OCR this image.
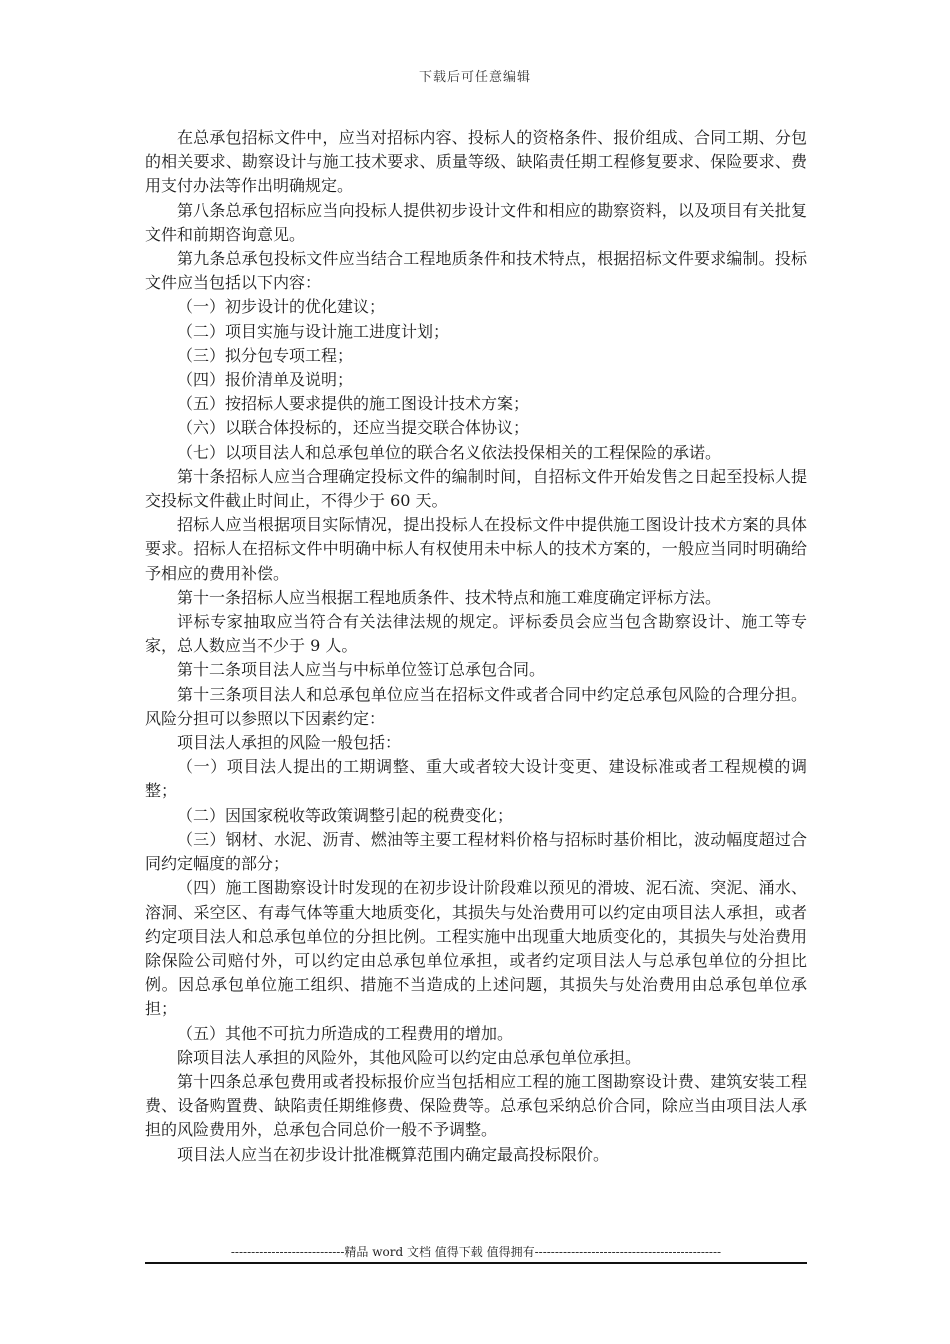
下载后可任意编辑

在总承包招标文件中，应当对招标内容、投标人的资格条件、报价组成、合同工期、分包的相关要求、勘察设计与施工技术要求、质量等级、缺陷责任期工程修复要求、保险要求、费用支付办法等作出明确规定。

第八条总承包招标应当向投标人提供初步设计文件和相应的勘察资料，以及项目有关批复文件和前期咨询意见。

第九条总承包投标文件应当结合工程地质条件和技术特点，根据招标文件要求编制。投标文件应当包括以下内容：

（一）初步设计的优化建议；

（二）项目实施与设计施工进度计划；

（三）拟分包专项工程；

（四）报价清单及说明；

（五）按招标人要求提供的施工图设计技术方案；

（六）以联合体投标的，还应当提交联合体协议；

（七）以项目法人和总承包单位的联合名义依法投保相关的工程保险的承诺。

第十条招标人应当合理确定投标文件的编制时间，自招标文件开始发售之日起至投标人提交投标文件截止时间止，不得少于 60 天。

招标人应当根据项目实际情况，提出投标人在投标文件中提供施工图设计技术方案的具体要求。招标人在招标文件中明确中标人有权使用未中标人的技术方案的，一般应当同时明确给予相应的费用补偿。

第十一条招标人应当根据工程地质条件、技术特点和施工难度确定评标方法。

评标专家抽取应当符合有关法律法规的规定。评标委员会应当包含勘察设计、施工等专家，总人数应当不少于 9 人。

第十二条项目法人应当与中标单位签订总承包合同。

第十三条项目法人和总承包单位应当在招标文件或者合同中约定总承包风险的合理分担。风险分担可以参照以下因素约定：

项目法人承担的风险一般包括：

（一）项目法人提出的工期调整、重大或者较大设计变更、建设标准或者工程规模的调整；

（二）因国家税收等政策调整引起的税费变化；

（三）钢材、水泥、沥青、燃油等主要工程材料价格与招标时基价相比，波动幅度超过合同约定幅度的部分；

（四）施工图勘察设计时发现的在初步设计阶段难以预见的滑坡、泥石流、突泥、涌水、溶洞、采空区、有毒气体等重大地质变化，其损失与处治费用可以约定由项目法人承担，或者约定项目法人和总承包单位的分担比例。工程实施中出现重大地质变化的，其损失与处治费用除保险公司赔付外，可以约定由总承包单位承担，或者约定项目法人与总承包单位的分担比例。因总承包单位施工组织、措施不当造成的上述问题，其损失与处治费用由总承包单位承担；

（五）其他不可抗力所造成的工程费用的增加。

除项目法人承担的风险外，其他风险可以约定由总承包单位承担。

第十四条总承包费用或者投标报价应当包括相应工程的施工图勘察设计费、建筑安装工程费、设备购置费、缺陷责任期维修费、保险费等。总承包采纳总价合同，除应当由项目法人承担的风险费用外，总承包合同总价一般不予调整。

项目法人应当在初步设计批准概算范围内确定最高投标限价。

----------------------------精品 word 文档 值得下载 值得拥有----------------------------------------------
